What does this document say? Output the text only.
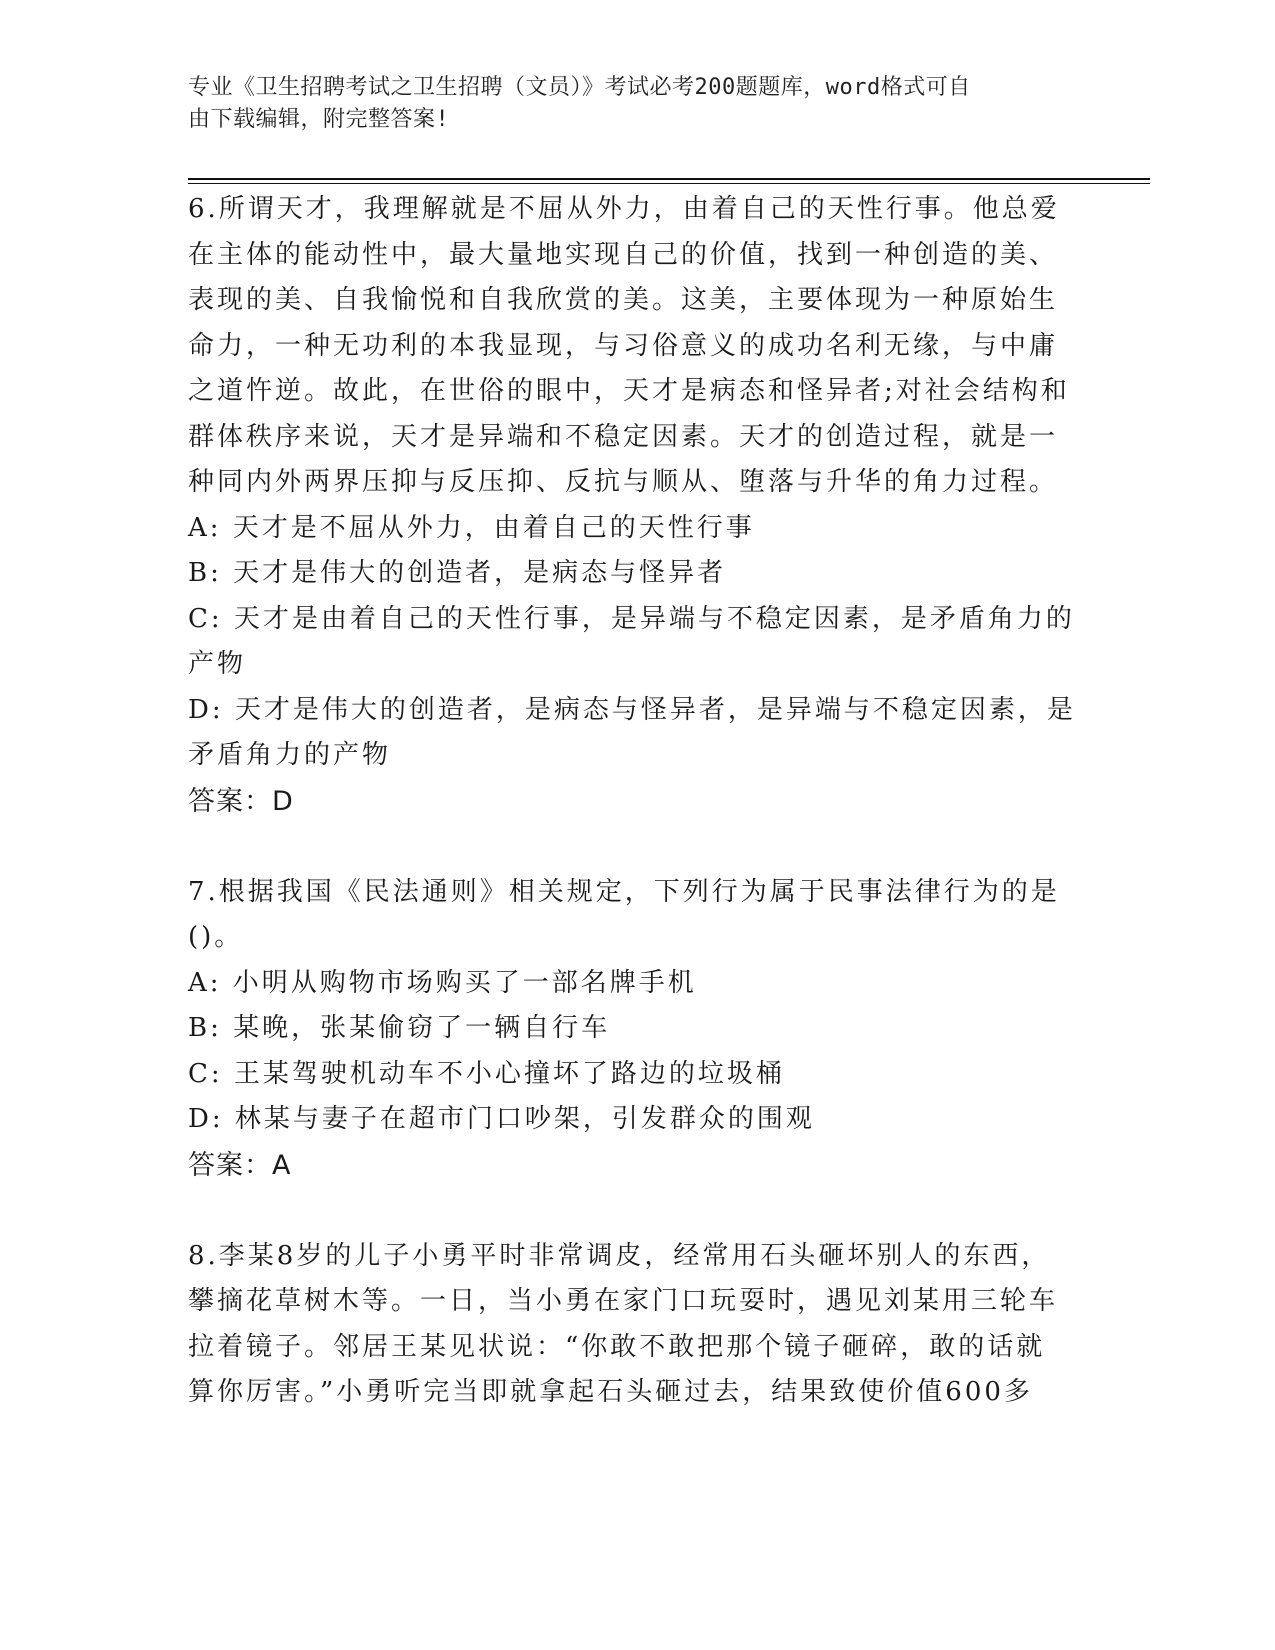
专业《卫生招聘考试之卫生招聘（文员）》考试必考200题题库，word格式可自
由下载编辑，附完整答案!
6.所谓天才，我理解就是不屈从外力，由着自己的天性行事。他总爱
在主体的能动性中，最大量地实现自己的价值，找到一种创造的美、
表现的美、自我愉悦和自我欣赏的美。这美，主要体现为一种原始生
命力，一种无功利的本我显现，与习俗意义的成功名利无缘，与中庸
之道忤逆。故此，在世俗的眼中，天才是病态和怪异者;对社会结构和
群体秩序来说，天才是异端和不稳定因素。天才的创造过程，就是一
种同内外两界压抑与反压抑、反抗与顺从、堕落与升华的角力过程。
A: 天才是不屈从外力，由着自己的天性行事
B: 天才是伟大的创造者，是病态与怪异者
C: 天才是由着自己的天性行事，是异端与不稳定因素，是矛盾角力的
产物
D: 天才是伟大的创造者，是病态与怪异者，是异端与不稳定因素，是
矛盾角力的产物
答案：D
7.根据我国《民法通则》相关规定，下列行为属于民事法律行为的是
()。
A: 小明从购物市场购买了一部名牌手机
B: 某晚，张某偷窃了一辆自行车
C: 王某驾驶机动车不小心撞坏了路边的垃圾桶
D: 林某与妻子在超市门口吵架，引发群众的围观
答案：A
8.李某8岁的儿子小勇平时非常调皮，经常用石头砸坏别人的东西，
攀摘花草树木等。一日，当小勇在家门口玩耍时，遇见刘某用三轮车
拉着镜子。邻居王某见状说：“你敢不敢把那个镜子砸碎，敢的话就
算你厉害。”小勇听完当即就拿起石头砸过去，结果致使价值600多
